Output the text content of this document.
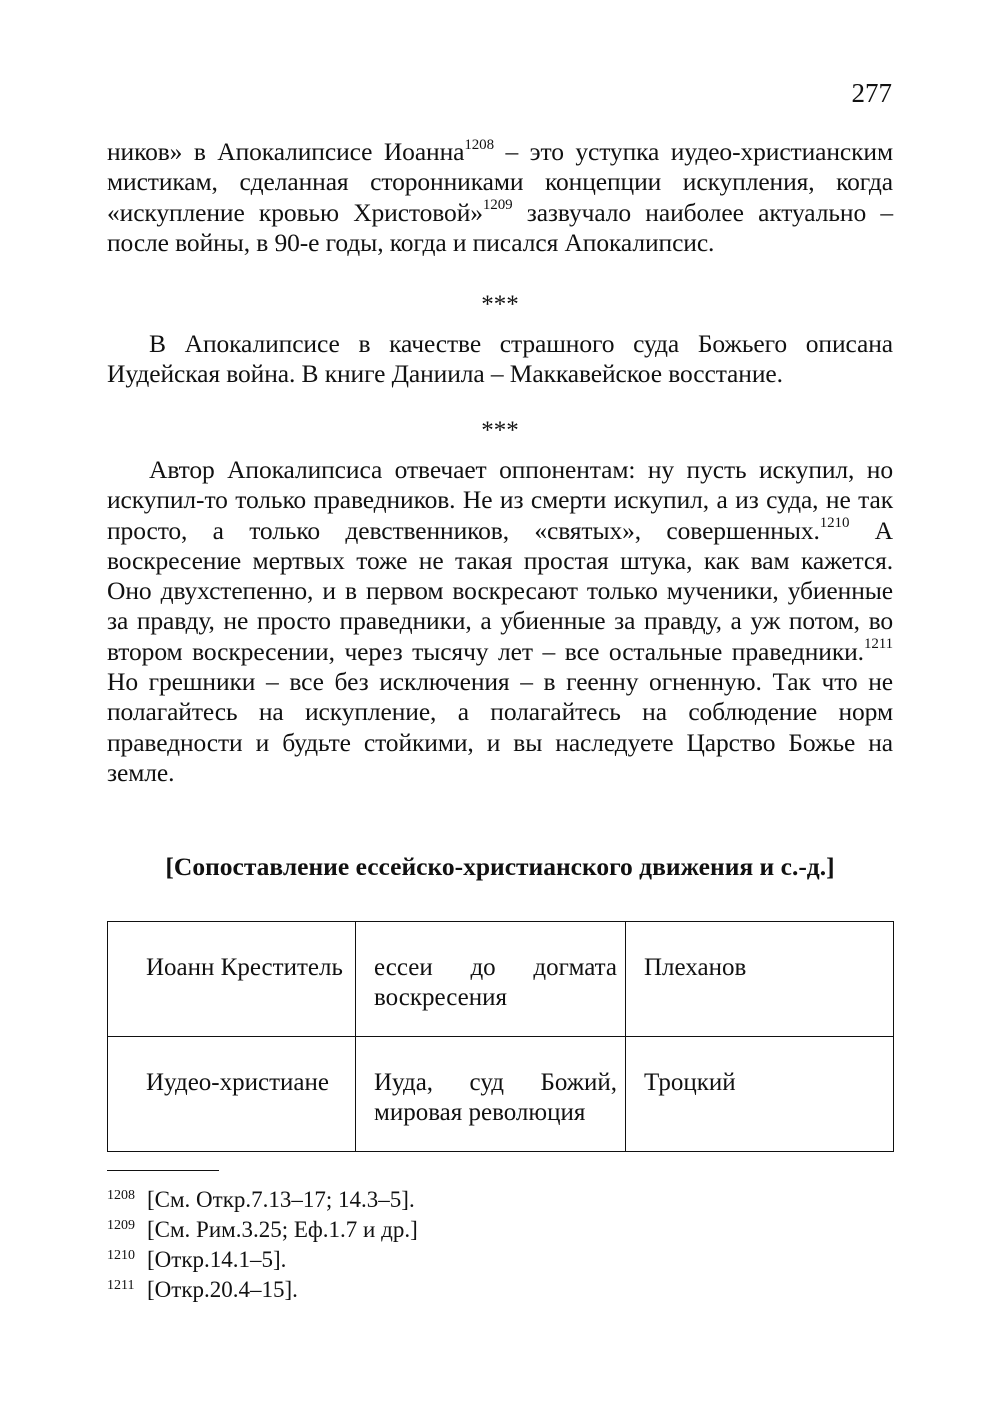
277

ников» в Апокалипсисе Иоанна$^{1208}$ – это уступка иудео-христианским мистикам, сделанная сторонниками концепции искупления, когда «искупление кровью Христовой»$^{1209}$ зазвучало наиболее актуально – после войны, в 90-е годы, когда и писался Апокалипсис.

***

В Апокалипсисе в качестве страшного суда Божьего описана Иудейская война. В книге Даниила – Маккавейское восстание.

***

Автор Апокалипсиса отвечает оппонентам: ну пусть искупил, но искупил-то только праведников. Не из смерти искупил, а из суда, не так просто, а только девственников, «святых», совершенных.$^{1210}$ А воскресение мертвых тоже не такая простая штука, как вам кажется. Оно двухстепенно, и в первом воскресают только мученики, убиенные за правду, не просто праведники, а убиенные за правду, а уж потом, во втором воскресении, через тысячу лет – все остальные праведники.$^{1211}$ Но грешники – все без исключения – в геенну огненную. Так что не полагайтесь на искупление, а полагайтесь на соблюдение норм праведности и будьте стойкими, и вы наследуете Царство Божье на земле.

[Сопоставление ессейско-христианского движения и с.-д.]
Иоанн Креститель	ессеи до догмата воскресения	Плеханов

Иудео-христиане	Иуда, суд Божий, мировая революция	Троцкий
1208 [См. Откр.7.13–17; 14.3–5].
1209 [См. Рим.3.25; Еф.1.7 и др.]
1210 [Откр.14.1–5].
1211 [Откр.20.4–15].
